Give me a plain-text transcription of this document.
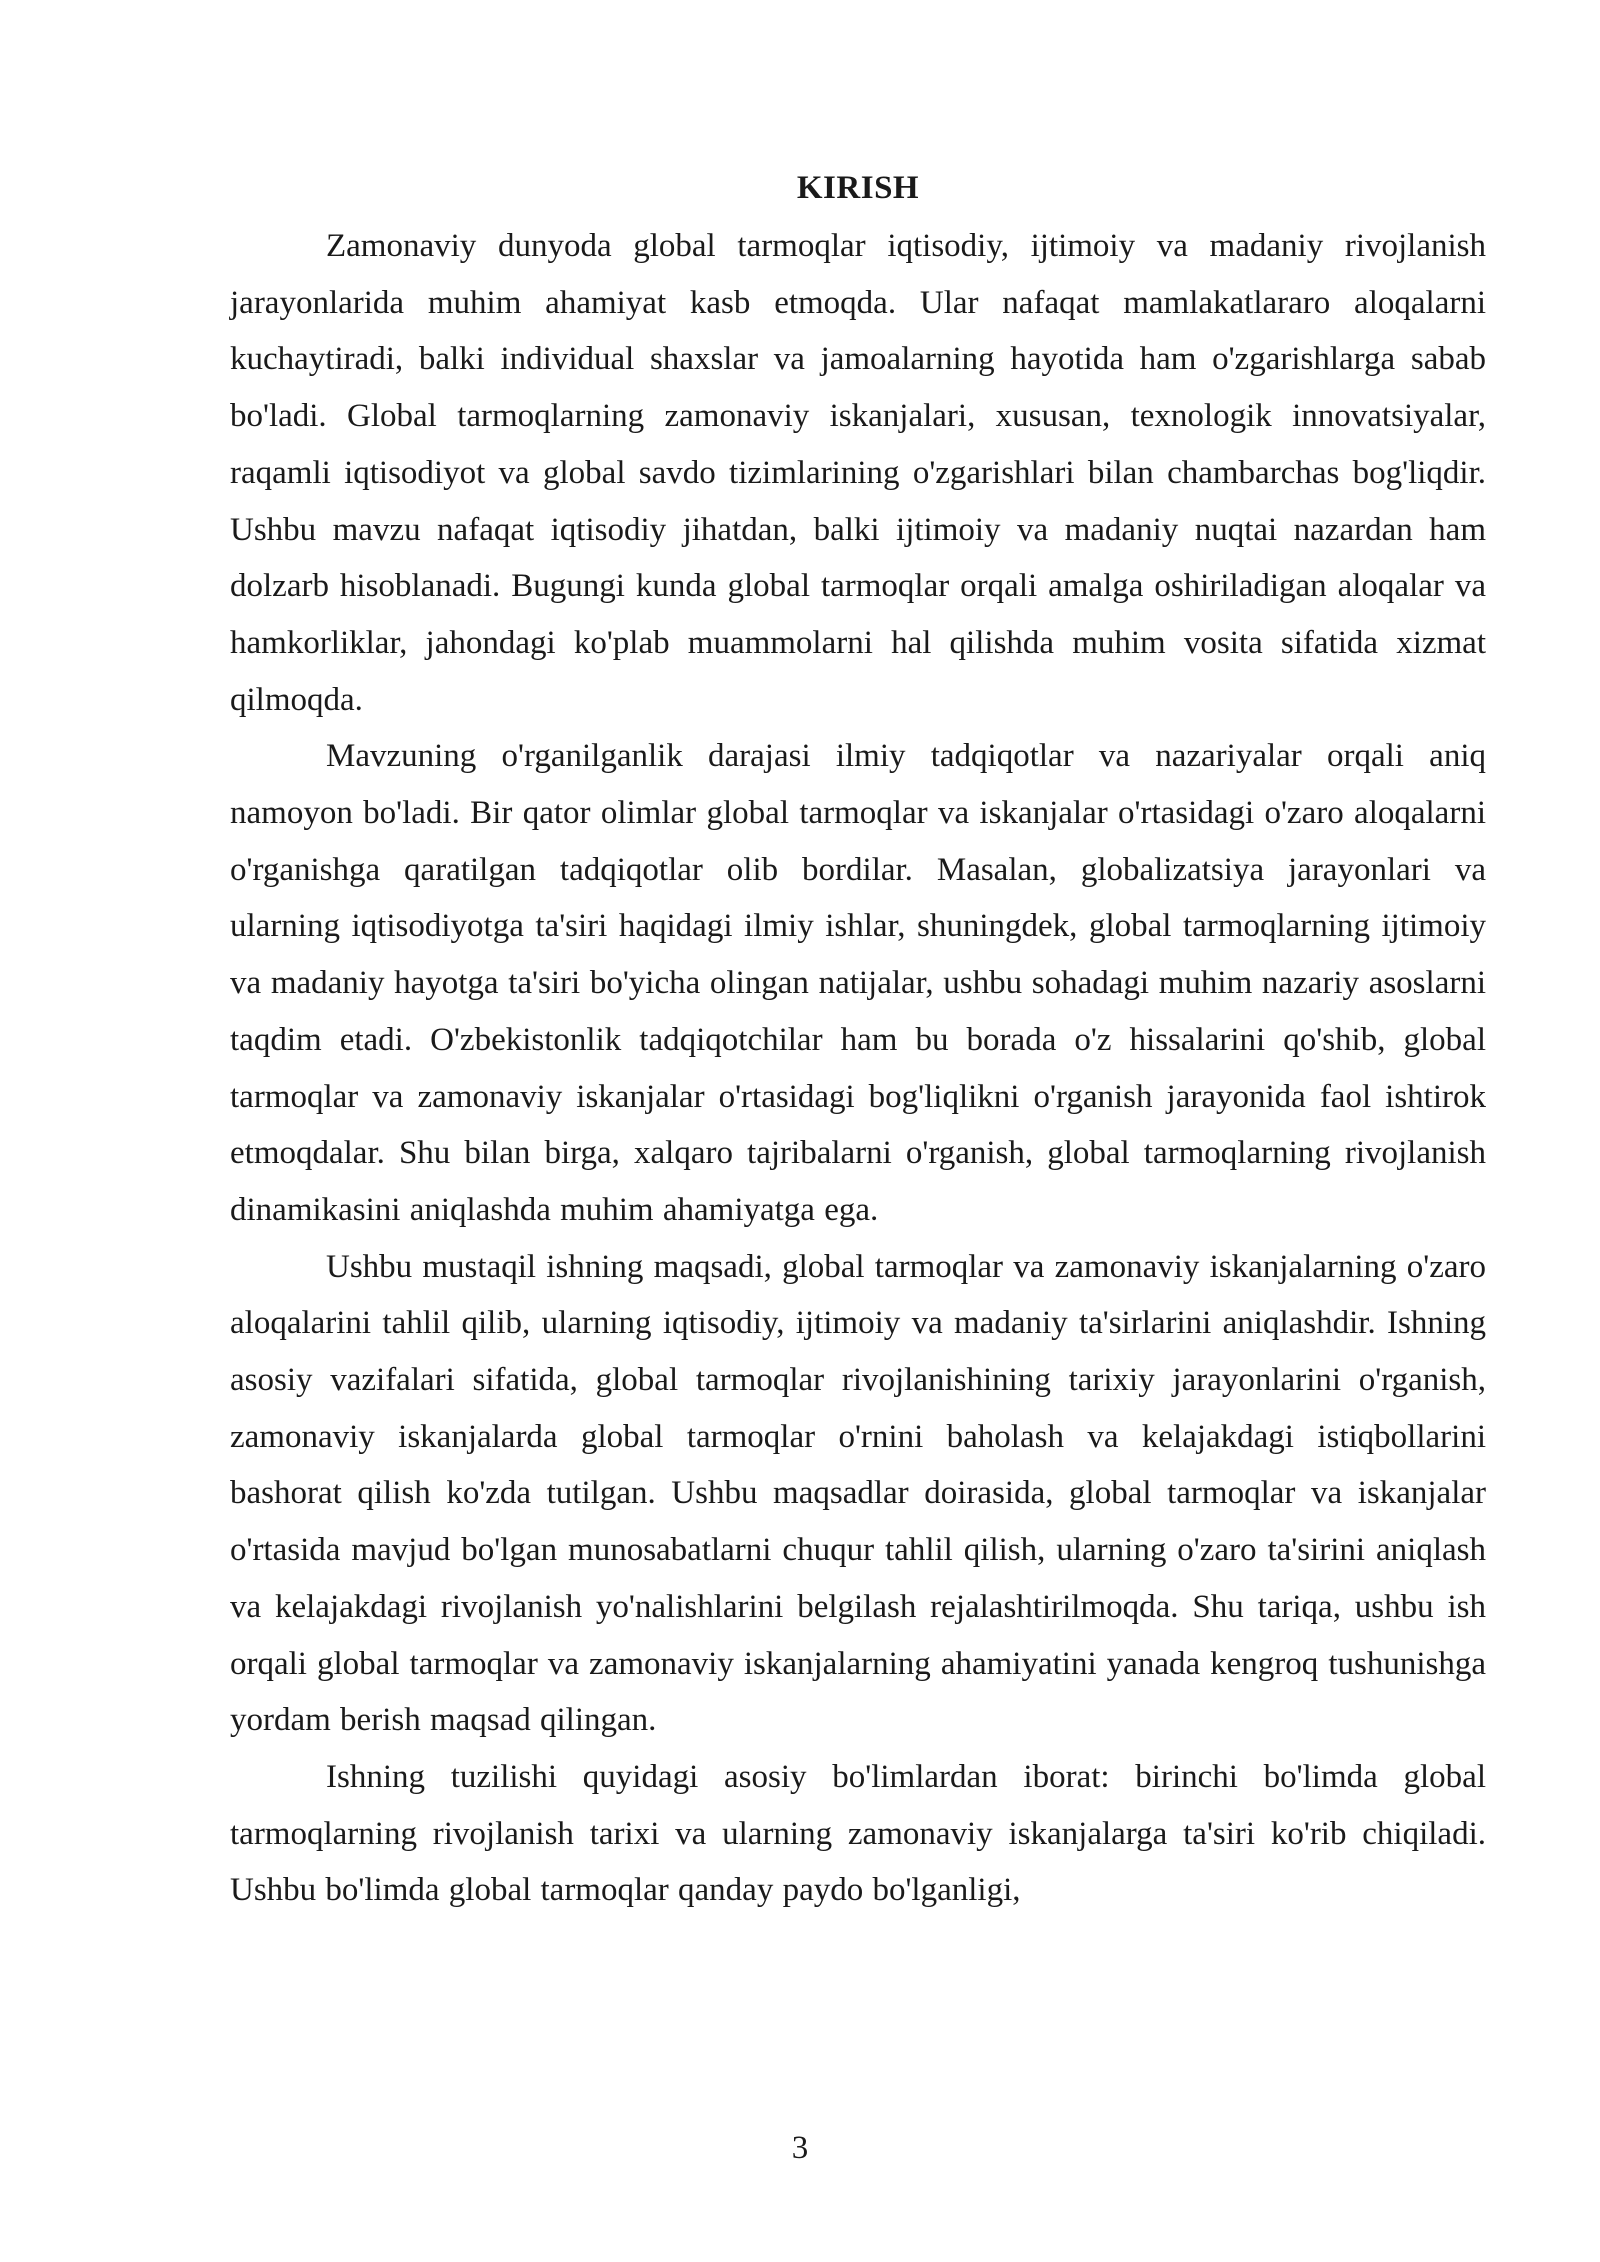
KIRISH

Zamonaviy dunyoda global tarmoqlar iqtisodiy, ijtimoiy va madaniy rivojlanish jarayonlarida muhim ahamiyat kasb etmoqda. Ular nafaqat mamlakatlararo aloqalarni kuchaytiradi, balki individual shaxslar va jamoalarning hayotida ham o'zgarishlarga sabab bo'ladi. Global tarmoqlarning zamonaviy iskanjalari, xususan, texnologik innovatsiyalar, raqamli iqtisodiyot va global savdo tizimlarining o'zgarishlari bilan chambarchas bog'liqdir. Ushbu mavzu nafaqat iqtisodiy jihatdan, balki ijtimoiy va madaniy nuqtai nazardan ham dolzarb hisoblanadi. Bugungi kunda global tarmoqlar orqali amalga oshiriladigan aloqalar va hamkorliklar, jahondagi ko'plab muammolarni hal qilishda muhim vosita sifatida xizmat qilmoqda.

Mavzuning o'rganilganlik darajasi ilmiy tadqiqotlar va nazariyalar orqali aniq namoyon bo'ladi. Bir qator olimlar global tarmoqlar va iskanjalar o'rtasidagi o'zaro aloqalarni o'rganishga qaratilgan tadqiqotlar olib bordilar. Masalan, globalizatsiya jarayonlari va ularning iqtisodiyotga ta'siri haqidagi ilmiy ishlar, shuningdek, global tarmoqlarning ijtimoiy va madaniy hayotga ta'siri bo'yicha olingan natijalar, ushbu sohadagi muhim nazariy asoslarni taqdim etadi. O'zbekistonlik tadqiqotchilar ham bu borada o'z hissalarini qo'shib, global tarmoqlar va zamonaviy iskanjalar o'rtasidagi bog'liqlikni o'rganish jarayonida faol ishtirok etmoqdalar. Shu bilan birga, xalqaro tajribalarni o'rganish, global tarmoqlarning rivojlanish dinamikasini aniqlashda muhim ahamiyatga ega.

Ushbu mustaqil ishning maqsadi, global tarmoqlar va zamonaviy iskanjalarning o'zaro aloqalarini tahlil qilib, ularning iqtisodiy, ijtimoiy va madaniy ta'sirlarini aniqlashdir. Ishning asosiy vazifalari sifatida, global tarmoqlar rivojlanishining tarixiy jarayonlarini o'rganish, zamonaviy iskanjalarda global tarmoqlar o'rnini baholash va kelajakdagi istiqbollarini bashorat qilish ko'zda tutilgan. Ushbu maqsadlar doirasida, global tarmoqlar va iskanjalar o'rtasida mavjud bo'lgan munosabatlarni chuqur tahlil qilish, ularning o'zaro ta'sirini aniqlash va kelajakdagi rivojlanish yo'nalishlarini belgilash rejalashtirilmoqda. Shu tariqa, ushbu ish orqali global tarmoqlar va zamonaviy iskanjalarning ahamiyatini yanada kengroq tushunishga yordam berish maqsad qilingan.

Ishning tuzilishi quyidagi asosiy bo'limlardan iborat: birinchi bo'limda global tarmoqlarning rivojlanish tarixi va ularning zamonaviy iskanjalarga ta'siri ko'rib chiqiladi. Ushbu bo'limda global tarmoqlar qanday paydo bo'lganligi,

3
